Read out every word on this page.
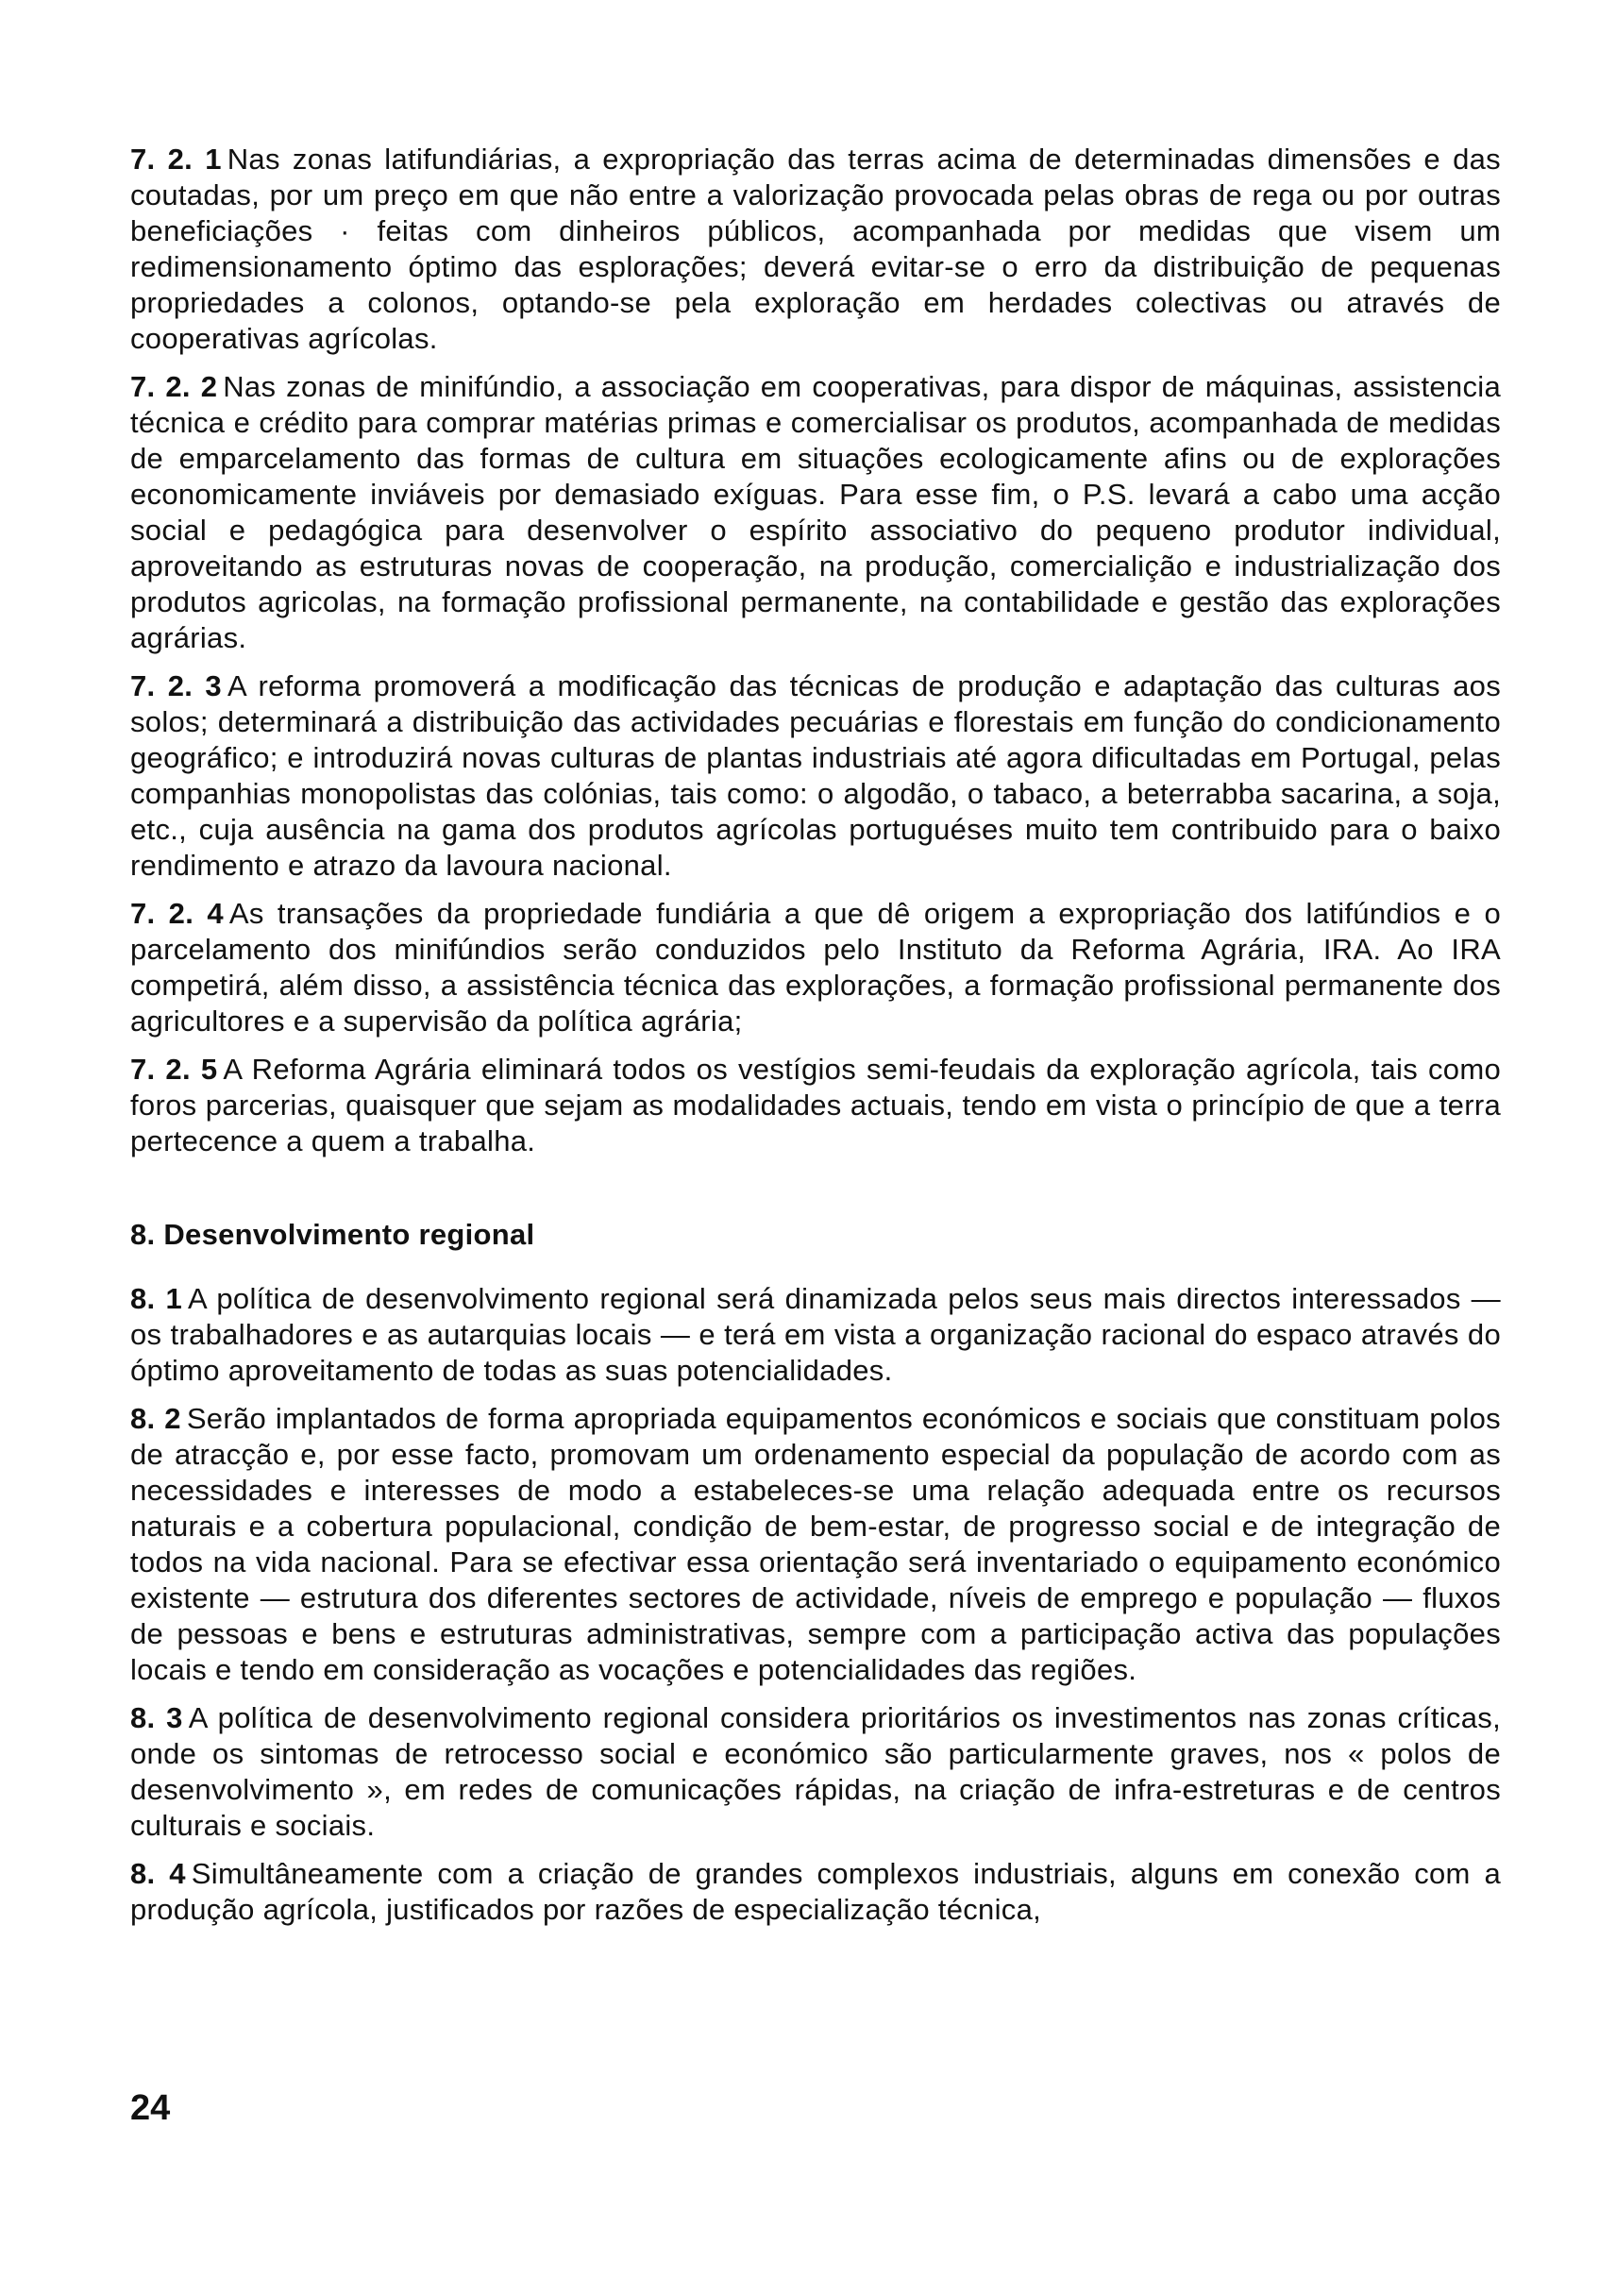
7. 2. 1 Nas zonas latifundiárias, a expropriação das terras acima de determinadas dimensões e das coutadas, por um preço em que não entre a valorização provocada pelas obras de rega ou por outras beneficiações · feitas com dinheiros públicos, acompanhada por medidas que visem um redimensionamento óptimo das esplorações; deverá evitar-se o erro da distribuição de pequenas propriedades a colonos, optando-se pela exploração em herdades colectivas ou através de cooperativas agrícolas.

7. 2. 2 Nas zonas de minifúndio, a associação em cooperativas, para dispor de máquinas, assistencia técnica e crédito para comprar matérias primas e comercialisar os produtos, acompanhada de medidas de emparcelamento das formas de cultura em situações ecologicamente afins ou de explorações economicamente inviáveis por demasiado exíguas. Para esse fim, o P.S. levará a cabo uma acção social e pedagógica para desenvolver o espírito associativo do pequeno produtor individual, aproveitando as estruturas novas de cooperação, na produção, comercialição e industrialização dos produtos agricolas, na formação profissional permanente, na contabilidade e gestão das explorações agrárias.

7. 2. 3 A reforma promoverá a modificação das técnicas de produção e adaptação das culturas aos solos; determinará a distribuição das actividades pecuárias e florestais em função do condicionamento geográfico; e introduzirá novas culturas de plantas industriais até agora dificultadas em Portugal, pelas companhias monopolistas das colónias, tais como: o algodão, o tabaco, a beterrabba sacarina, a soja, etc., cuja ausência na gama dos produtos agrícolas portuguéses muito tem contribuido para o baixo rendimento e atrazo da lavoura nacional.

7. 2. 4 As transações da propriedade fundiária a que dê origem a expropriação dos latifúndios e o parcelamento dos minifúndios serão conduzidos pelo Instituto da Reforma Agrária, IRA. Ao IRA competirá, além disso, a assistência técnica das explorações, a formação profissional permanente dos agricultores e a supervisão da política agrária;

7. 2. 5 A Reforma Agrária eliminará todos os vestígios semi-feudais da exploração agrícola, tais como foros parcerias, quaisquer que sejam as modalidades actuais, tendo em vista o princípio de que a terra pertecence a quem a trabalha.

8. Desenvolvimento regional

8. 1 A política de desenvolvimento regional será dinamizada pelos seus mais directos interessados — os trabalhadores e as autarquias locais — e terá em vista a organização racional do espaco através do óptimo aproveitamento de todas as suas potencialidades.

8. 2 Serão implantados de forma apropriada equipamentos económicos e sociais que constituam polos de atracção e, por esse facto, promovam um ordenamento especial da população de acordo com as necessidades e interesses de modo a estabeleces-se uma relação adequada entre os recursos naturais e a cobertura populacional, condição de bem-estar, de progresso social e de integração de todos na vida nacional. Para se efectivar essa orientação será inventariado o equipamento económico existente — estrutura dos diferentes sectores de actividade, níveis de emprego e população — fluxos de pessoas e bens e estruturas administrativas, sempre com a participação activa das populações locais e tendo em consideração as vocações e potencialidades das regiões.

8. 3 A política de desenvolvimento regional considera prioritários os investimentos nas zonas críticas, onde os sintomas de retrocesso social e económico são particularmente graves, nos « polos de desenvolvimento », em redes de comunicações rápidas, na criação de infra-estreturas e de centros culturais e sociais.

8. 4 Simultâneamente com a criação de grandes complexos industriais, alguns em conexão com a produção agrícola, justificados por razões de especialização técnica,

24
